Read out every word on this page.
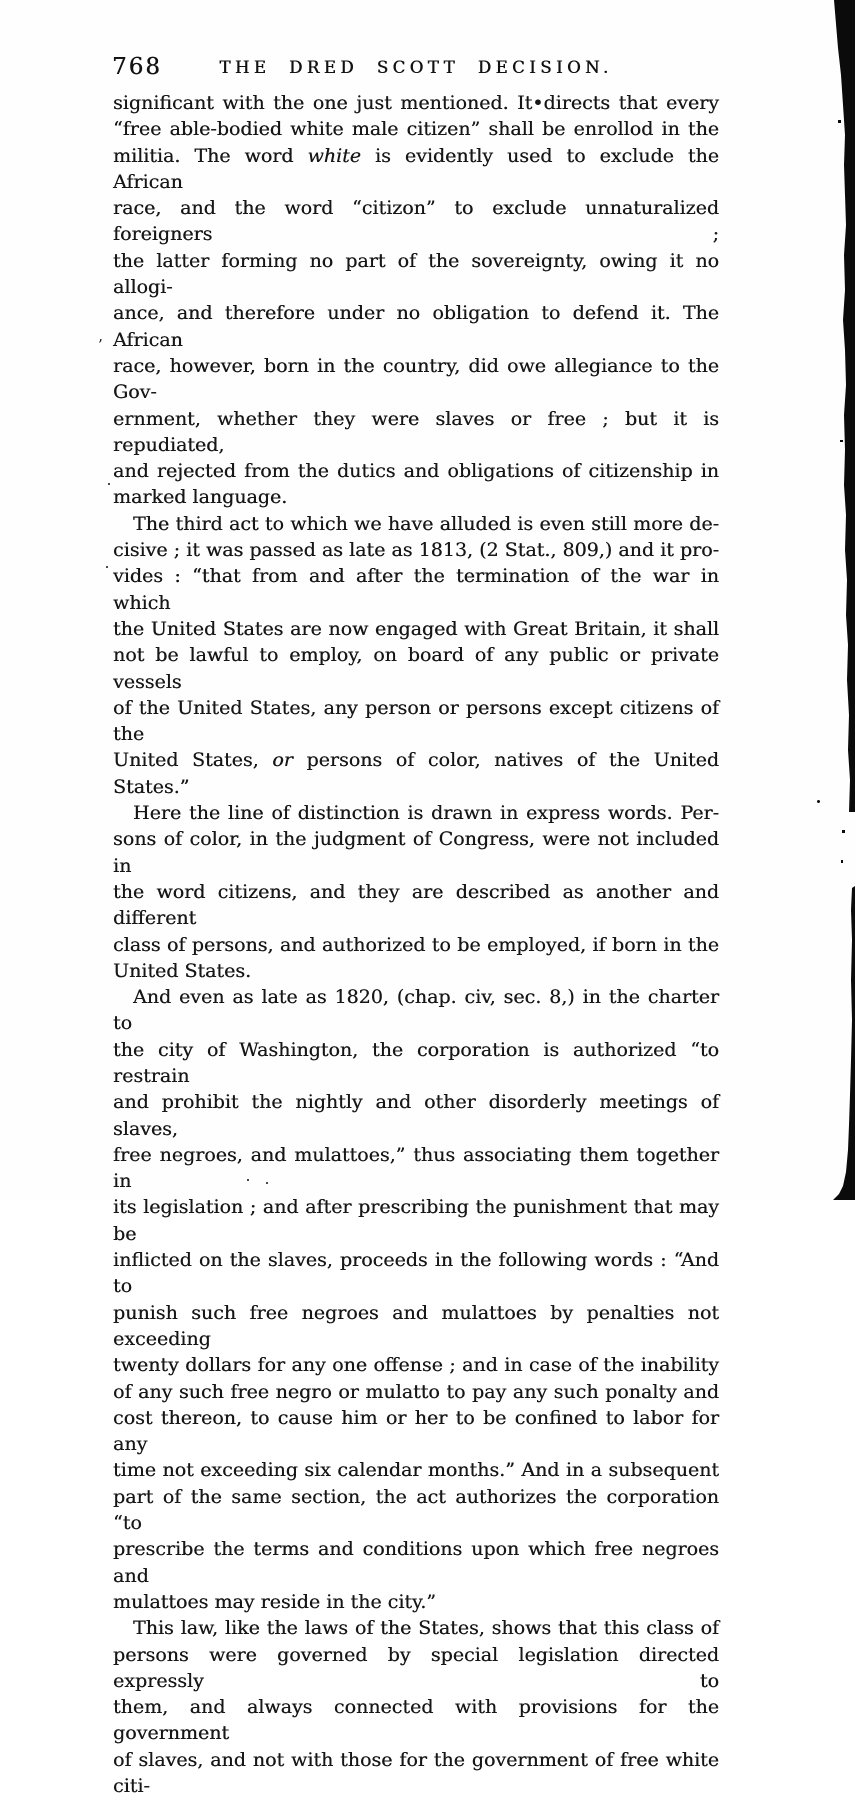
768	THE DRED SCOTT DECISION.
significant with the one just mentioned. It•directs that every
“free able-bodied white male citizen” shall be enrollod in the
militia. The word white is evidently used to exclude the African
race, and the word “citizon” to exclude unnaturalized foreigners ;
the latter forming no part of the sovereignty, owing it no allogi-
ance, and therefore under no obligation to defend it. The African
race, however, born in the country, did owe allegiance to the Gov-
ernment, whether they were slaves or free ; but it is repudiated,
and rejected from the dutics and obligations of citizenship in
marked language.
The third act to which we have alluded is even still more de-
cisive ; it was passed as late as 1813, (2 Stat., 809,) and it pro-
vides : “that from and after the termination of the war in which
the United States are now engaged with Great Britain, it shall
not be lawful to employ, on board of any public or private vessels
of the United States, any person or persons except citizens of the
United States, or persons of color, natives of the United States.”
Here the line of distinction is drawn in express words. Per-
sons of color, in the judgment of Congress, were not included in
the word citizens, and they are described as another and different
class of persons, and authorized to be employed, if born in the
United States.
And even as late as 1820, (chap. civ, sec. 8,) in the charter to
the city of Washington, the corporation is authorized “to restrain
and prohibit the nightly and other disorderly meetings of slaves,
free negroes, and mulattoes,” thus associating them together in
its legislation ; and after prescribing the punishment that may be
inflicted on the slaves, proceeds in the following words : “And to
punish such free negroes and mulattoes by penalties not exceeding
twenty dollars for any one offense ; and in case of the inability
of any such free negro or mulatto to pay any such ponalty and
cost thereon, to cause him or her to be confined to labor for any
time not exceeding six calendar months.” And in a subsequent
part of the same section, the act authorizes the corporation “to
prescribe the terms and conditions upon which free negroes and
mulattoes may reside in the city.”
This law, like the laws of the States, shows that this class of
persons were governed by special legislation directed expressly to
them, and always connected with provisions for the government
of slaves, and not with those for the government of free white citi-
’
